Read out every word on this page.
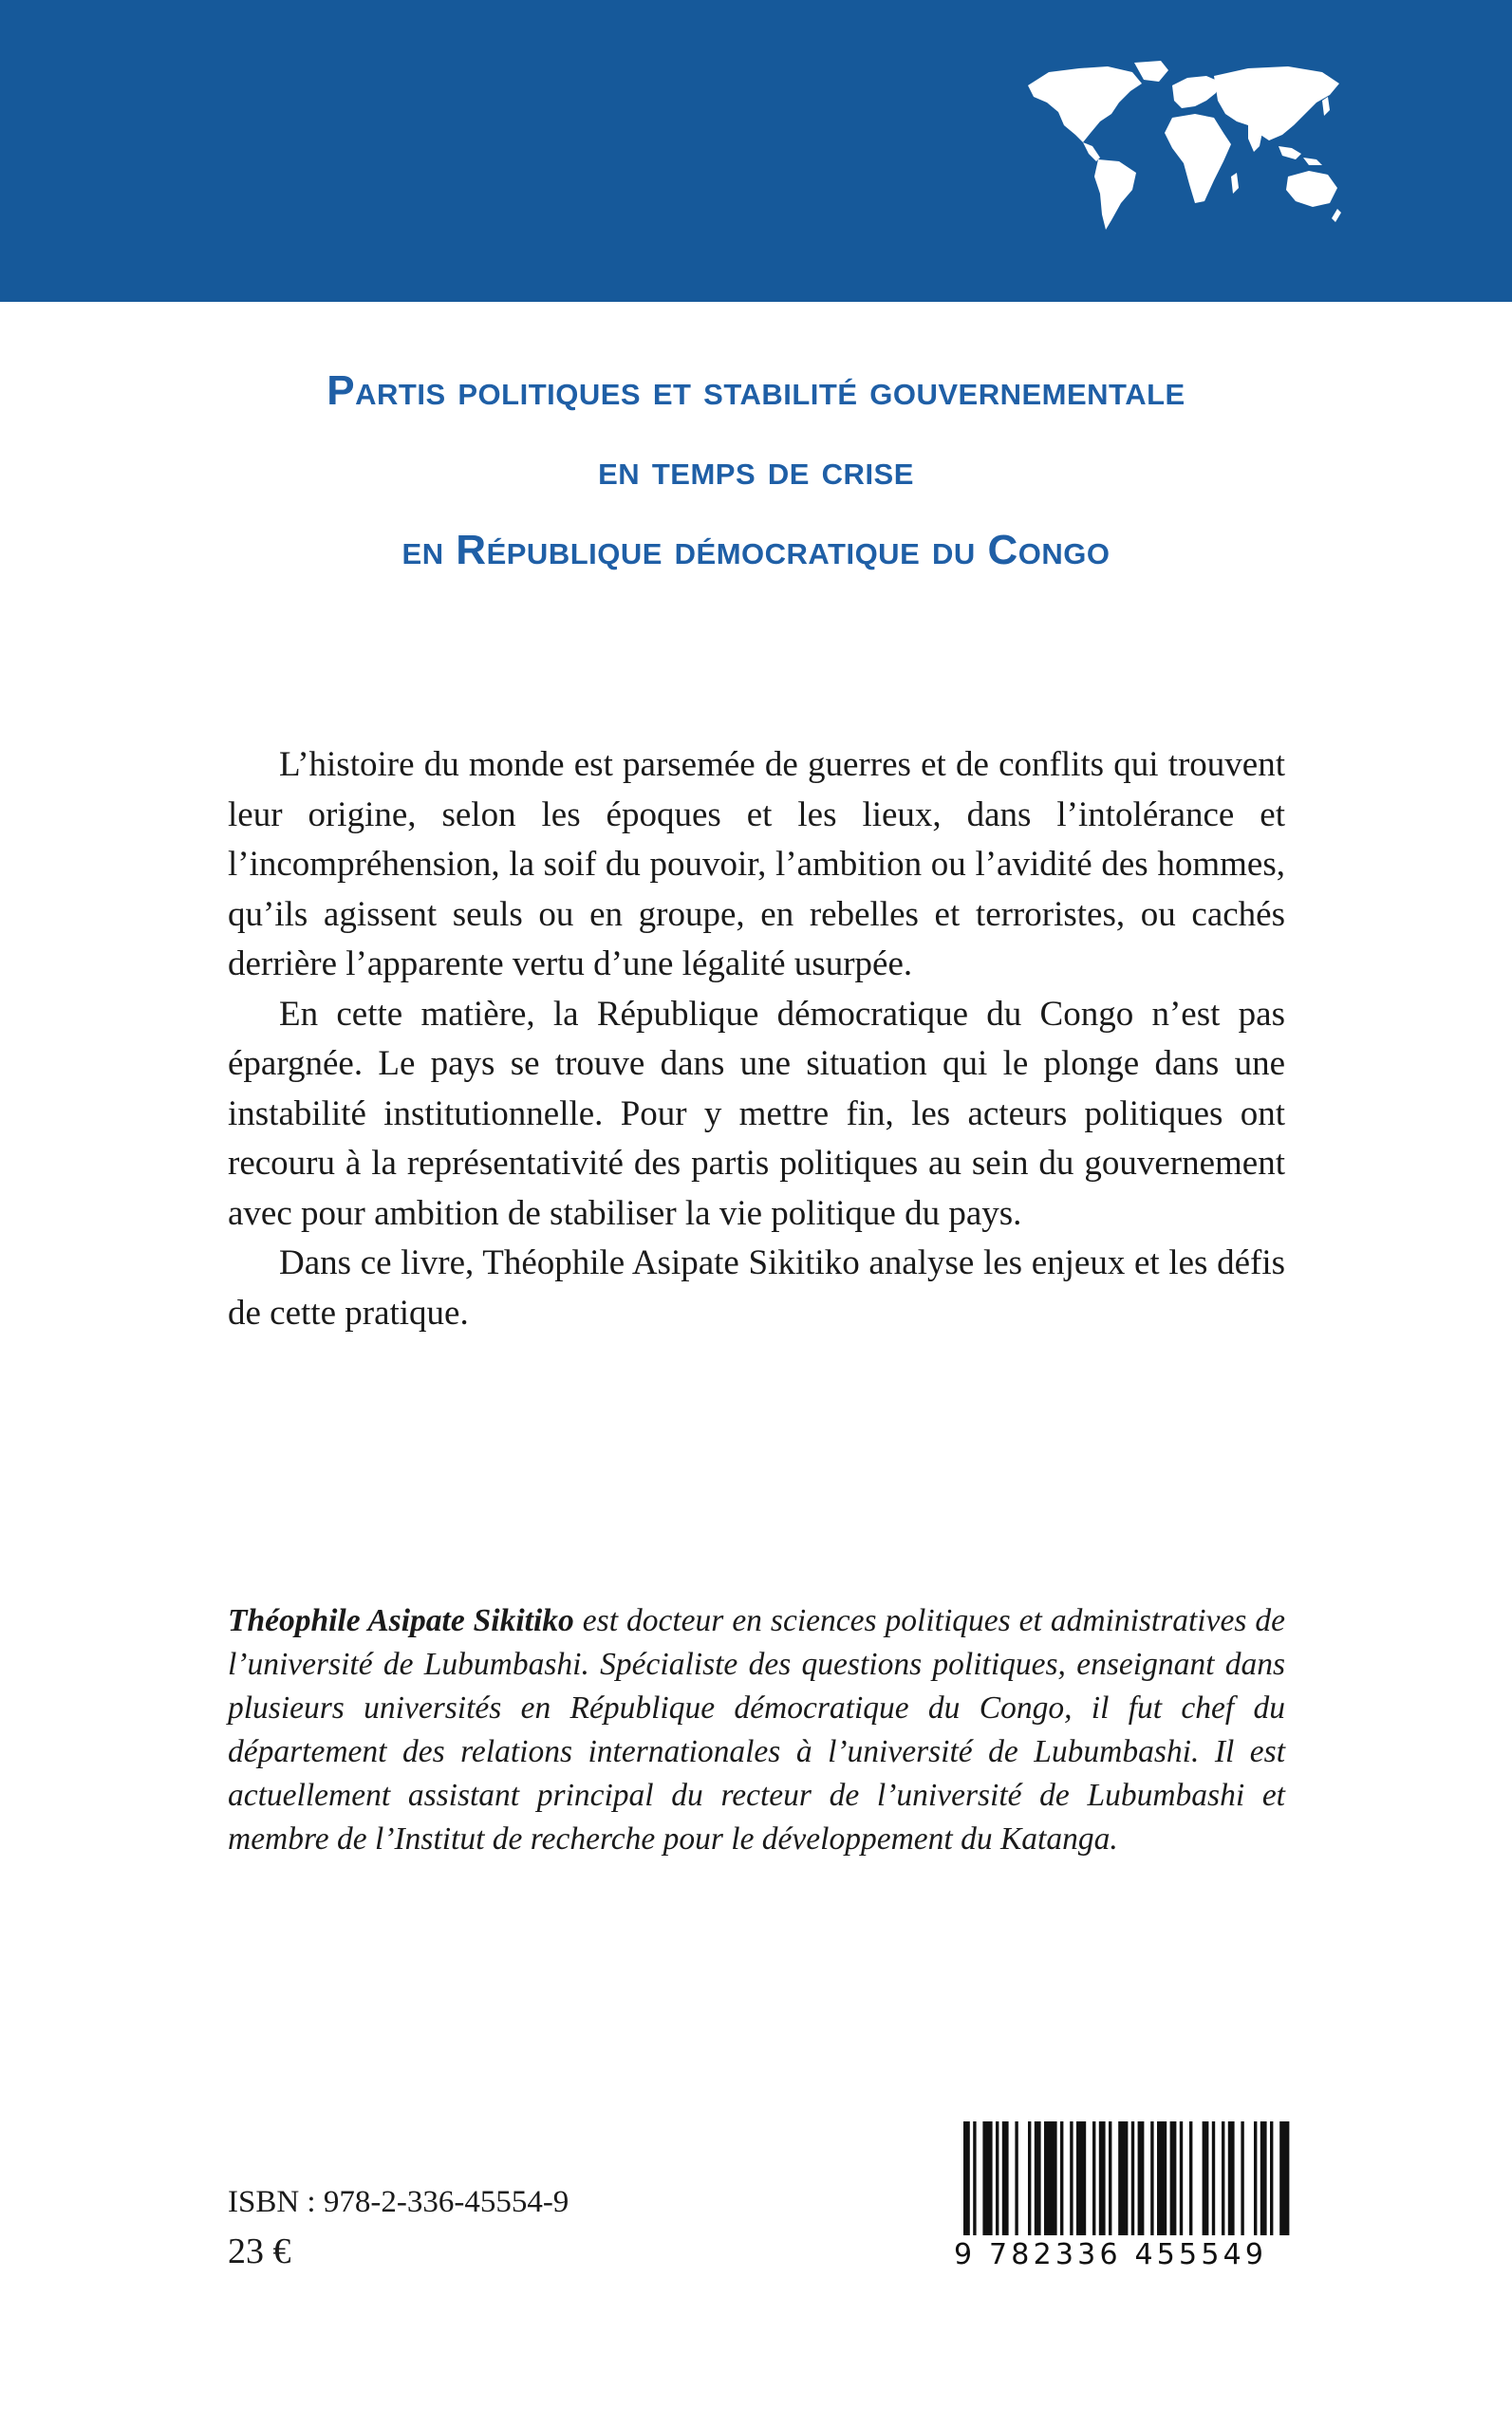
Partis politiques et stabilité gouvernementale
en temps de crise
en République démocratique du Congo

L’histoire du monde est parsemée de guerres et de conflits qui trouvent leur origine, selon les époques et les lieux, dans l’intolérance et l’incompréhension, la soif du pouvoir, l’ambition ou l’avidité des hommes, qu’ils agissent seuls ou en groupe, en rebelles et terroristes, ou cachés derrière l’apparente vertu d’une légalité usurpée.

En cette matière, la République démocratique du Congo n’est pas épargnée. Le pays se trouve dans une situation qui le plonge dans une instabilité institutionnelle. Pour y mettre fin, les acteurs politiques ont recouru à la représentativité des partis politiques au sein du gouvernement avec pour ambition de stabiliser la vie politique du pays.

Dans ce livre, Théophile Asipate Sikitiko analyse les enjeux et les défis de cette pratique.

Théophile Asipate Sikitiko est docteur en sciences politiques et administratives de l’université de Lubumbashi. Spécialiste des questions politiques, enseignant dans plusieurs universités en République démocratique du Congo, il fut chef du département des relations internationales à l’université de Lubumbashi. Il est actuellement assistant principal du recteur de l’université de Lubumbashi et membre de l’Institut de recherche pour le développement du Katanga.

ISBN : 978-2-336-45554-9
23 €	9 782336 455549
